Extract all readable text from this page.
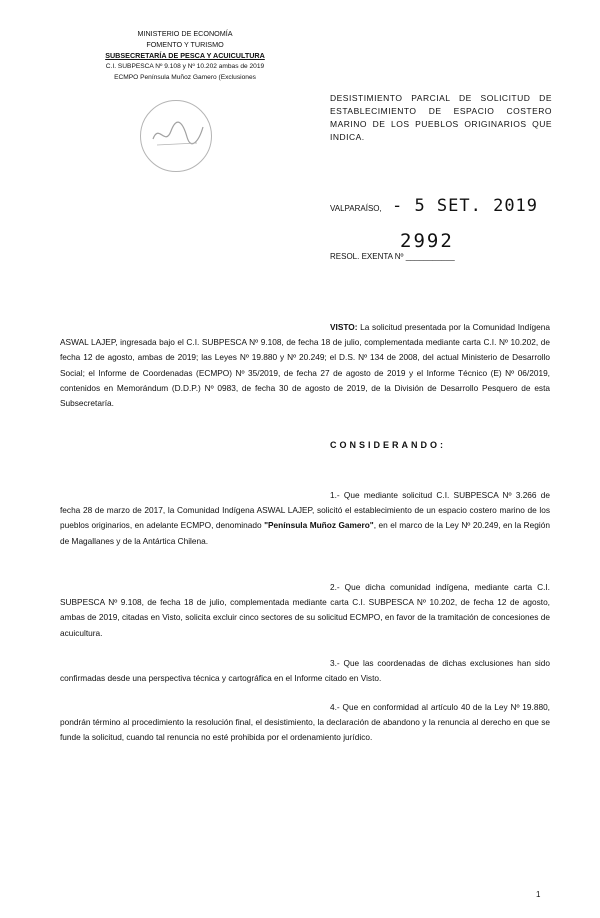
MINISTERIO DE ECONOMÍA
FOMENTO Y TURISMO
SUBSECRETARÍA DE PESCA Y ACUICULTURA
C.I. SUBPESCA Nº 9.108 y Nº 10.202 ambas de 2019
ECMPO Península Muñoz Gamero (Exclusiones
DESISTIMIENTO PARCIAL DE SOLICITUD DE ESTABLECIMIENTO DE ESPACIO COSTERO MARINO DE LOS PUEBLOS ORIGINARIOS QUE INDICA.
VALPARAÍSO, - 5 SET. 2019
RESOL. EXENTA Nº ___________
2992
VISTO: La solicitud presentada por la Comunidad Indígena ASWAL LAJEP, ingresada bajo el C.I. SUBPESCA Nº 9.108, de fecha 18 de julio, complementada mediante carta C.I. Nº 10.202, de fecha 12 de agosto, ambas de 2019; las Leyes Nº 19.880 y Nº 20.249; el D.S. Nº 134 de 2008, del actual Ministerio de Desarrollo Social; el Informe de Coordenadas (ECMPO) Nº 35/2019, de fecha 27 de agosto de 2019 y el Informe Técnico (E) Nº 06/2019, contenidos en Memorándum (D.D.P.) Nº 0983, de fecha 30 de agosto de 2019, de la División de Desarrollo Pesquero de esta Subsecretaría.
CONSIDERANDO:
1.- Que mediante solicitud C.I. SUBPESCA Nº 3.266 de fecha 28 de marzo de 2017, la Comunidad Indígena ASWAL LAJEP, solicitó el establecimiento de un espacio costero marino de los pueblos originarios, en adelante ECMPO, denominado "Península Muñoz Gamero", en el marco de la Ley Nº 20.249, en la Región de Magallanes y de la Antártica Chilena.
2.- Que dicha comunidad indígena, mediante carta C.I. SUBPESCA Nº 9.108, de fecha 18 de julio, complementada mediante carta C.I. SUBPESCA Nº 10.202, de fecha 12 de agosto, ambas de 2019, citadas en Visto, solicita excluir cinco sectores de su solicitud ECMPO, en favor de la tramitación de concesiones de acuicultura.
3.- Que las coordenadas de dichas exclusiones han sido confirmadas desde una perspectiva técnica y cartográfica en el Informe citado en Visto.
4.- Que en conformidad al artículo 40 de la Ley Nº 19.880, pondrán término al procedimiento la resolución final, el desistimiento, la declaración de abandono y la renuncia al derecho en que se funde la solicitud, cuando tal renuncia no esté prohibida por el ordenamiento jurídico.
1
